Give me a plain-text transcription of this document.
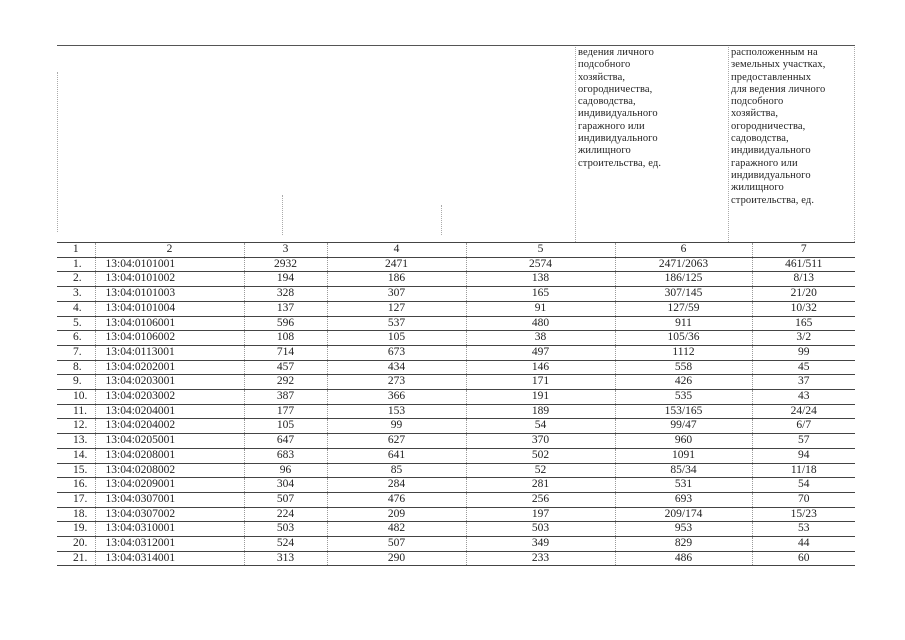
ведения личного
подсобного
хозяйства,
огородничества,
садоводства,
индивидуального
гаражного или
индивидуального
жилищного
строительства, ед.
расположенным на
земельных участках,
предоставленных
для ведения личного
подсобного
хозяйства,
огородничества,
садоводства,
индивидуального
гаражного или
индивидуального
жилищного
строительства, ед.
1	2	3	4	5	6	7
1.	13:04:0101001	2932	2471	2574	2471/2063	461/511
2.	13:04:0101002	194	186	138	186/125	8/13
3.	13:04:0101003	328	307	165	307/145	21/20
4.	13:04:0101004	137	127	91	127/59	10/32
5.	13:04:0106001	596	537	480	911	165
6.	13:04:0106002	108	105	38	105/36	3/2
7.	13:04:0113001	714	673	497	1112	99
8.	13:04:0202001	457	434	146	558	45
9.	13:04:0203001	292	273	171	426	37
10.	13:04:0203002	387	366	191	535	43
11.	13:04:0204001	177	153	189	153/165	24/24
12.	13:04:0204002	105	99	54	99/47	6/7
13.	13:04:0205001	647	627	370	960	57
14.	13:04:0208001	683	641	502	1091	94
15.	13:04:0208002	96	85	52	85/34	11/18
16.	13:04:0209001	304	284	281	531	54
17.	13:04:0307001	507	476	256	693	70
18.	13:04:0307002	224	209	197	209/174	15/23
19.	13:04:0310001	503	482	503	953	53
20.	13:04:0312001	524	507	349	829	44
21.	13:04:0314001	313	290	233	486	60
